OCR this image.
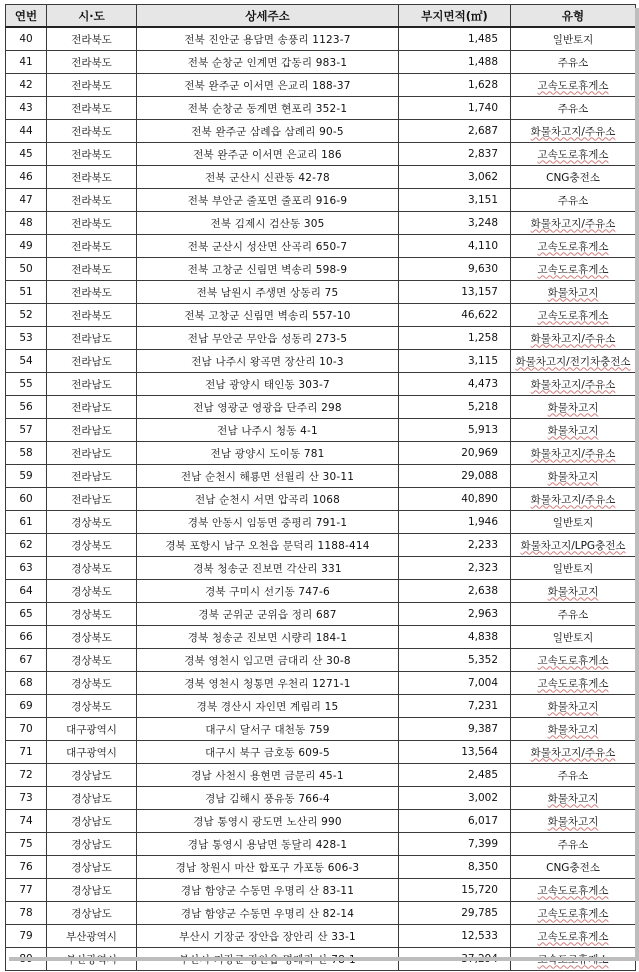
연번	시·도	상세주소	부지면적(㎡)	유형
40	전라북도	전북 진안군 용담면 송풍리 1123-7	1,485	일반토지
41	전라북도	전북 순창군 인계면 갑동리 983-1	1,488	주유소
42	전라북도	전북 완주군 이서면 은교리 188-37	1,628	고속도로휴게소
43	전라북도	전북 순창군 동계면 현포리 352-1	1,740	주유소
44	전라북도	전북 완주군 삼례읍 삼례리 90-5	2,687	화물차고지/주유소
45	전라북도	전북 완주군 이서면 은교리 186	2,837	고속도로휴게소
46	전라북도	전북 군산시 신관동 42-78	3,062	CNG충전소
47	전라북도	전북 부안군 줄포면 줄포리 916-9	3,151	주유소
48	전라북도	전북 김제시 검산동 305	3,248	화물차고지/주유소
49	전라북도	전북 군산시 성산면 산곡리 650-7	4,110	고속도로휴게소
50	전라북도	전북 고창군 신림면 벽송리 598-9	9,630	고속도로휴게소
51	전라북도	전북 남원시 주생면 상동리 75	13,157	화물차고지
52	전라북도	전북 고창군 신림면 벽송리 557-10	46,622	고속도로휴게소
53	전라남도	전남 무안군 무안읍 성동리 273-5	1,258	화물차고지/주유소
54	전라남도	전남 나주시 왕곡면 장산리 10-3	3,115	화물차고지/전기차충전소
55	전라남도	전남 광양시 태인동 303-7	4,473	화물차고지/주유소
56	전라남도	전남 영광군 영광읍 단주리 298	5,218	화물차고지
57	전라남도	전남 나주시 청동 4-1	5,913	화물차고지
58	전라남도	전남 광양시 도이동 781	20,969	화물차고지/주유소
59	전라남도	전남 순천시 해룡면 선월리 산 30-11	29,088	화물차고지
60	전라남도	전남 순천시 서면 압곡리 1068	40,890	화물차고지/주유소
61	경상북도	경북 안동시 임동면 중평리 791-1	1,946	일반토지
62	경상북도	경북 포항시 남구 오천읍 문덕리 1188-414	2,233	화물차고지/LPG충전소
63	경상북도	경북 청송군 진보면 각산리 331	2,323	일반토지
64	경상북도	경북 구미시 선기동 747-6	2,638	화물차고지
65	경상북도	경북 군위군 군위읍 정리 687	2,963	주유소
66	경상북도	경북 청송군 진보면 시량리 184-1	4,838	일반토지
67	경상북도	경북 영천시 임고면 금대리 산 30-8	5,352	고속도로휴게소
68	경상북도	경북 영천시 청통면 우천리 1271-1	7,004	고속도로휴게소
69	경상북도	경북 경산시 자인면 계림리 15	7,231	화물차고지
70	대구광역시	대구시 달서구 대천동 759	9,387	화물차고지
71	대구광역시	대구시 북구 금호동 609-5	13,564	화물차고지/주유소
72	경상남도	경남 사천시 용현면 금문리 45-1	2,485	주유소
73	경상남도	경남 김해시 풍유동 766-4	3,002	화물차고지
74	경상남도	경남 통영시 광도면 노산리 990	6,017	화물차고지
75	경상남도	경남 통영시 용남면 동달리 428-1	7,399	주유소
76	경상남도	경남 창원시 마산 합포구 가포동 606-3	8,350	CNG충전소
77	경상남도	경남 함양군 수동면 우명리 산 83-11	15,720	고속도로휴게소
78	경상남도	경남 함양군 수동면 우명리 산 82-14	29,785	고속도로휴게소
79	부산광역시	부산시 기장군 장안읍 장안리 산 33-1	12,533	고속도로휴게소
